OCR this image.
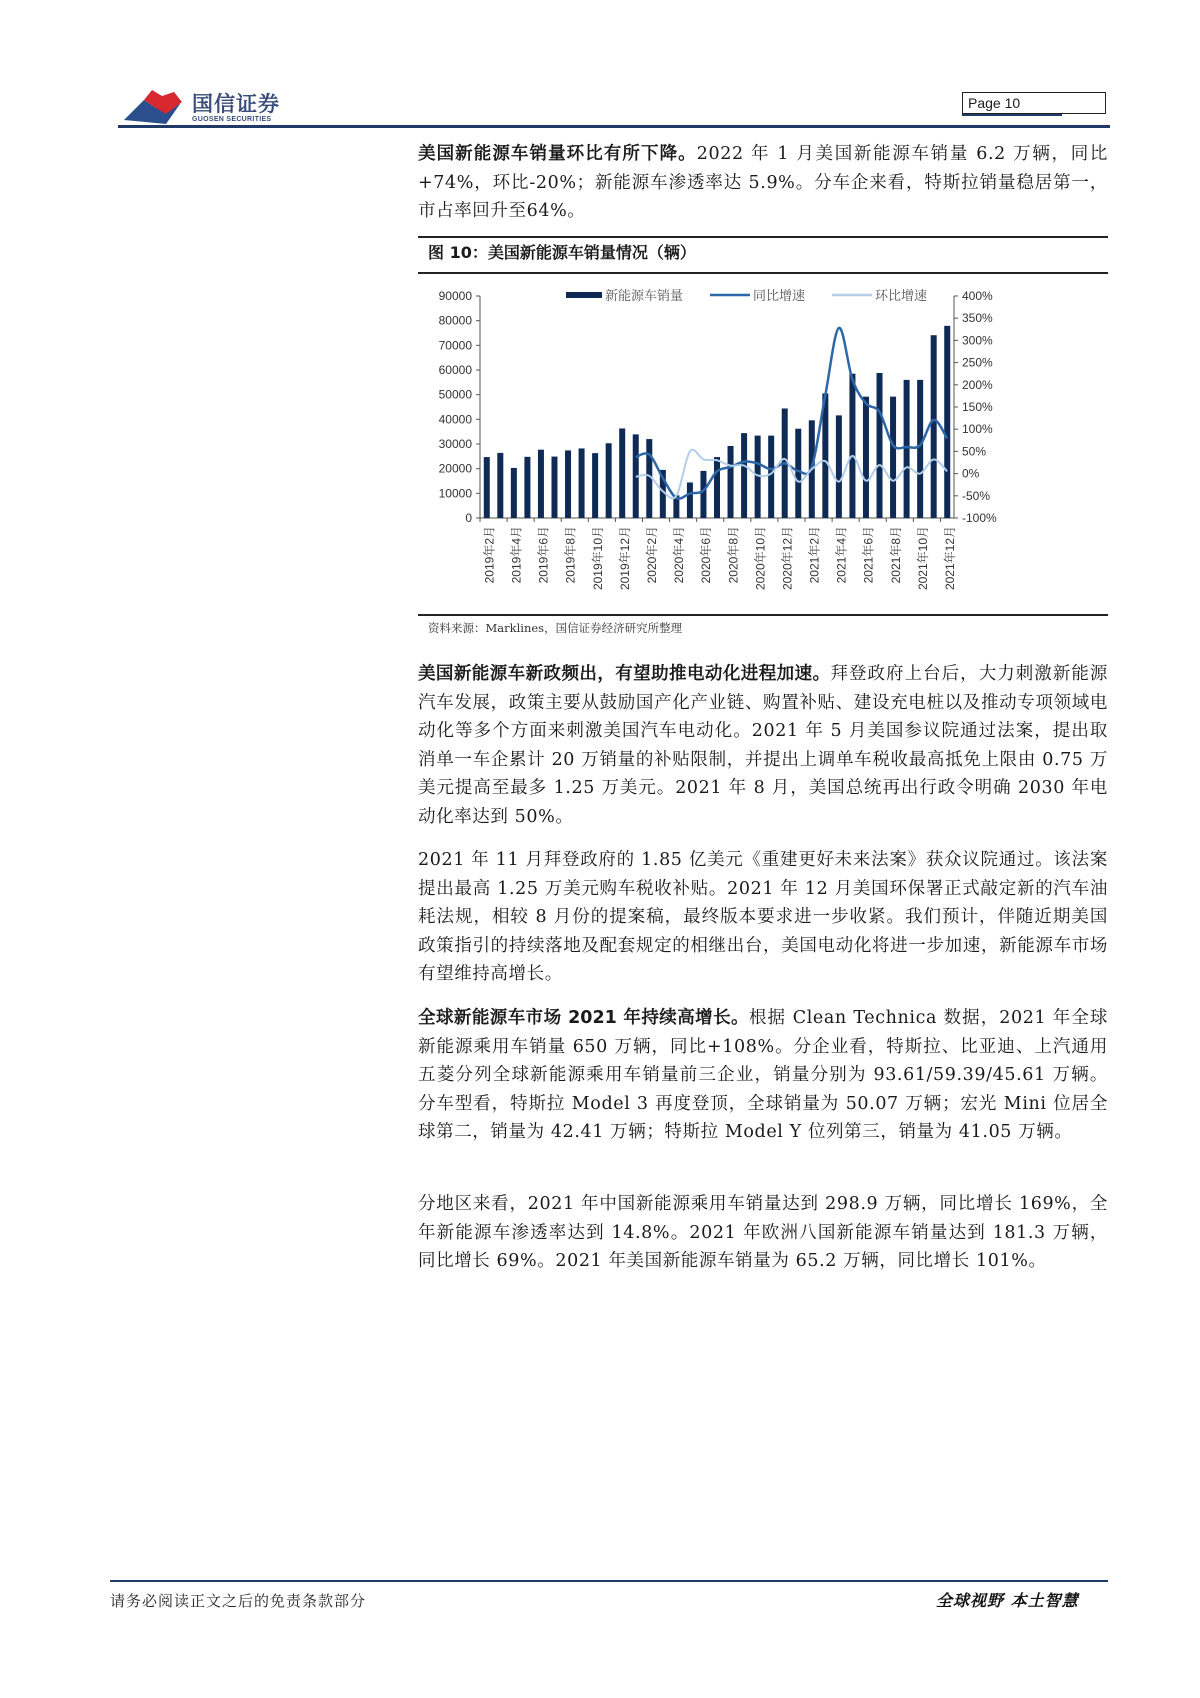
国信证券
GUOSEN SECURITIES
Page 10
美国新能源车销量环比有所下降。2022 年 1 月美国新能源车销量 6.2 万辆，同比+74%，环比-20%；新能源车渗透率达 5.9%。分车企来看，特斯拉销量稳居第一，市占率回升至64%。
图 10：美国新能源车销量情况（辆）
0
10000
20000
30000
40000
50000
60000
70000
80000
90000
-100%
-50%
0%
50%
100%
150%
200%
250%
300%
350%
400%
2019年2月 2019年4月 2019年6月 2019年8月 2019年10月 2019年12月 2020年2月 2020年4月 2020年6月 2020年8月 2020年10月 2020年12月 2021年2月 2021年4月 2021年6月 2021年8月 2021年10月 2021年12月
新能源车销量	同比增速	环比增速
资料来源：Marklines，国信证券经济研究所整理
美国新能源车新政频出，有望助推电动化进程加速。拜登政府上台后，大力刺激新能源汽车发展，政策主要从鼓励国产化产业链、购置补贴、建设充电桩以及推动专项领域电动化等多个方面来刺激美国汽车电动化。2021 年 5 月美国参议院通过法案，提出取消单一车企累计 20 万销量的补贴限制，并提出上调单车税收最高抵免上限由 0.75 万美元提高至最多 1.25 万美元。2021 年 8 月，美国总统再出行政令明确 2030 年电动化率达到 50%。
2021 年 11 月拜登政府的 1.85 亿美元《重建更好未来法案》获众议院通过。该法案提出最高 1.25 万美元购车税收补贴。2021 年 12 月美国环保署正式敲定新的汽车油耗法规，相较 8 月份的提案稿，最终版本要求进一步收紧。我们预计，伴随近期美国政策指引的持续落地及配套规定的相继出台，美国电动化将进一步加速，新能源车市场有望维持高增长。
全球新能源车市场 2021 年持续高增长。根据 Clean Technica 数据，2021 年全球新能源乘用车销量 650 万辆，同比+108%。分企业看，特斯拉、比亚迪、上汽通用五菱分列全球新能源乘用车销量前三企业，销量分别为 93.61/59.39/45.61 万辆。分车型看，特斯拉 Model 3 再度登顶，全球销量为 50.07 万辆；宏光 Mini 位居全球第二，销量为 42.41 万辆；特斯拉 Model Y 位列第三，销量为 41.05 万辆。
分地区来看，2021 年中国新能源乘用车销量达到 298.9 万辆，同比增长 169%，全年新能源车渗透率达到 14.8%。2021 年欧洲八国新能源车销量达到 181.3 万辆，同比增长 69%。2021 年美国新能源车销量为 65.2 万辆，同比增长 101%。
请务必阅读正文之后的免责条款部分	全球视野 本土智慧
